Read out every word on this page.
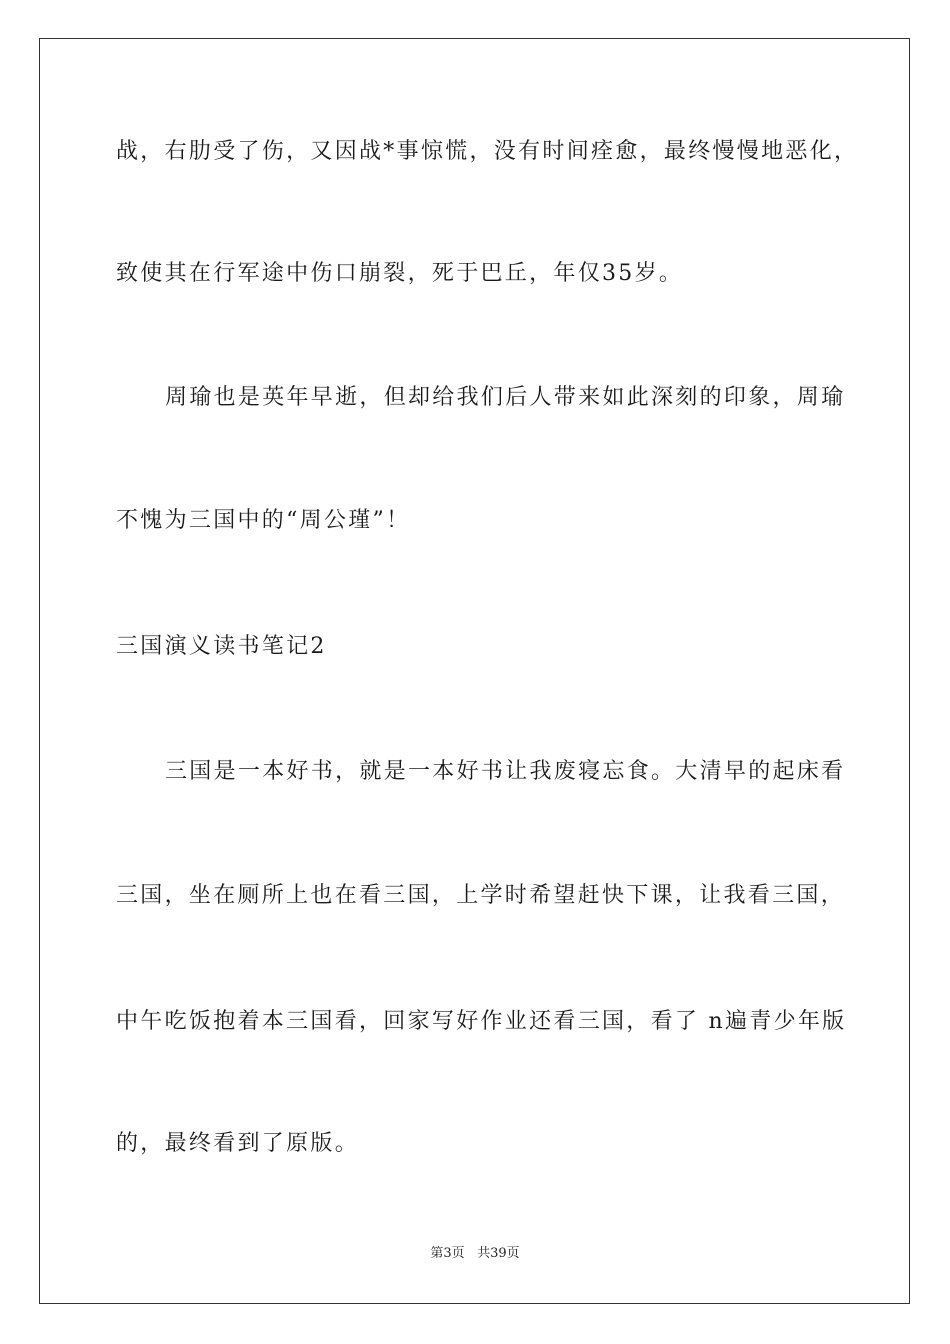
战，右肋受了伤，又因战*事惊慌，没有时间痊愈，最终慢慢地恶化，
致使其在行军途中伤口崩裂，死于巴丘，年仅35岁。
周瑜也是英年早逝，但却给我们后人带来如此深刻的印象，周瑜
不愧为三国中的“周公瑾”！
三国演义读书笔记2
三国是一本好书，就是一本好书让我废寝忘食。大清早的起床看
三国，坐在厕所上也在看三国，上学时希望赶快下课，让我看三国，
中午吃饭抱着本三国看，回家写好作业还看三国，看了 n遍青少年版
的，最终看到了原版。
第3页 共39页
